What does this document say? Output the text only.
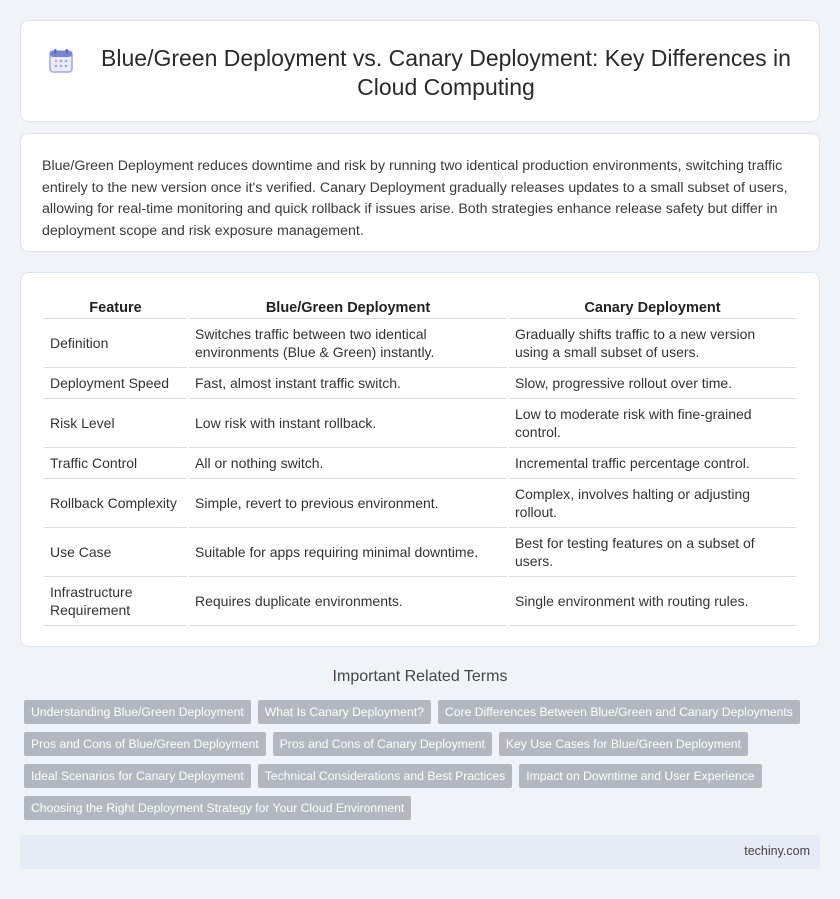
Blue/Green Deployment vs. Canary Deployment: Key Differences in Cloud Computing

Blue/Green Deployment reduces downtime and risk by running two identical production environments, switching traffic entirely to the new version once it's verified. Canary Deployment gradually releases updates to a small subset of users, allowing for real-time monitoring and quick rollback if issues arise. Both strategies enhance release safety but differ in deployment scope and risk exposure management.

Feature	Blue/Green Deployment	Canary Deployment
Definition	Switches traffic between two identical environments (Blue & Green) instantly.	Gradually shifts traffic to a new version using a small subset of users.
Deployment Speed	Fast, almost instant traffic switch.	Slow, progressive rollout over time.
Risk Level	Low risk with instant rollback.	Low to moderate risk with fine-grained control.
Traffic Control	All or nothing switch.	Incremental traffic percentage control.
Rollback Complexity	Simple, revert to previous environment.	Complex, involves halting or adjusting rollout.
Use Case	Suitable for apps requiring minimal downtime.	Best for testing features on a subset of users.
Infrastructure Requirement	Requires duplicate environments.	Single environment with routing rules.
Important Related Terms
Understanding Blue/Green Deployment	What Is Canary Deployment?	Core Differences Between Blue/Green and Canary Deployments
Pros and Cons of Blue/Green Deployment	Pros and Cons of Canary Deployment	Key Use Cases for Blue/Green Deployment
Ideal Scenarios for Canary Deployment	Technical Considerations and Best Practices	Impact on Downtime and User Experience
Choosing the Right Deployment Strategy for Your Cloud Environment
techiny.com
